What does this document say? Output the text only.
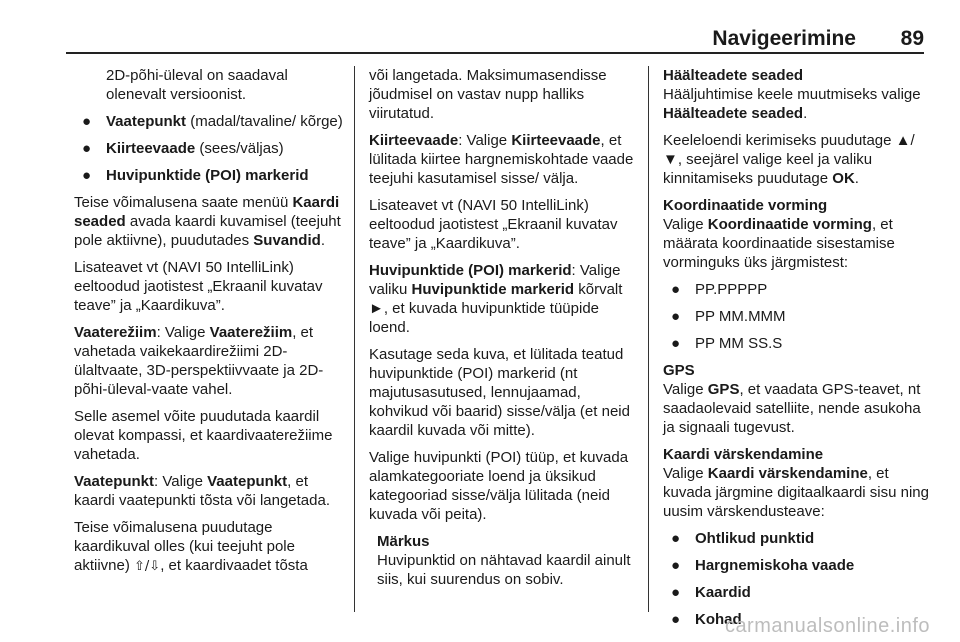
Navigeerimine 89

2D-põhi-üleval on saadaval olenevalt versioonist.

● Vaatepunkt (madal/tavaline/ kõrge)
● Kiirteevaade (sees/väljas)
● Huvipunktide (POI) markerid

Teise võimalusena saate menüü Kaardi seaded avada kaardi kuvamisel (teejuht pole aktiivne), puudutades Suvandid.

Lisateavet vt (NAVI 50 IntelliLink) eeltoodud jaotistest „Ekraanil kuvatav teave” ja „Kaardikuva”.

Vaaterežiim: Valige Vaaterežiim, et vahetada vaikekaardirežiimi 2D-ülaltvaate, 3D-perspektiivvaate ja 2D-põhi-üleval-vaate vahel.

Selle asemel võite puudutada kaardil olevat kompassi, et kaardivaaterežiime vahetada.

Vaatepunkt: Valige Vaatepunkt, et kaardi vaatepunkti tõsta või langetada.

Teise võimalusena puudutage kaardikuval olles (kui teejuht pole aktiivne) ⇧/⇩, et kaardivaadet tõsta

või langetada. Maksimumasendisse jõudmisel on vastav nupp halliks viirutatud.

Kiirteevaade: Valige Kiirteevaade, et lülitada kiirtee hargnemiskohtade vaade teejuhi kasutamisel sisse/ välja.

Lisateavet vt (NAVI 50 IntelliLink) eeltoodud jaotistest „Ekraanil kuvatav teave” ja „Kaardikuva”.

Huvipunktide (POI) markerid: Valige valiku Huvipunktide markerid kõrvalt ►, et kuvada huvipunktide tüüpide loend.

Kasutage seda kuva, et lülitada teatud huvipunktide (POI) markerid (nt majutusasutused, lennujaamad, kohvikud või baarid) sisse/välja (et neid kaardil kuvada või mitte).

Valige huvipunkti (POI) tüüp, et kuvada alamkategooriate loend ja üksikud kategooriad sisse/välja lülitada (neid kuvada või peita).

Märkus
Huvipunktid on nähtavad kaardil ainult siis, kui suurendus on sobiv.
Häälteadete seaded

Hääljuhtimise keele muutmiseks valige Häälteadete seaded.

Keeleloendi kerimiseks puudutage ▲/▼, seejärel valige keel ja valiku kinnitamiseks puudutage OK.

Koordinaatide vorming

Valige Koordinaatide vorming, et määrata koordinaatide sisestamise vorminguks üks järgmistest:

● PP.PPPPP
● PP MM.MMM
● PP MM SS.S
GPS

Valige GPS, et vaadata GPS-teavet, nt saadaolevaid satelliite, nende asukoha ja signaali tugevust.

Kaardi värskendamine

Valige Kaardi värskendamine, et kuvada järgmine digitaalkaardi sisu ning uusim värskendusteave:

● Ohtlikud punktid
● Hargnemiskoha vaade
● Kaardid
● Kohad
carmanualsonline.info
